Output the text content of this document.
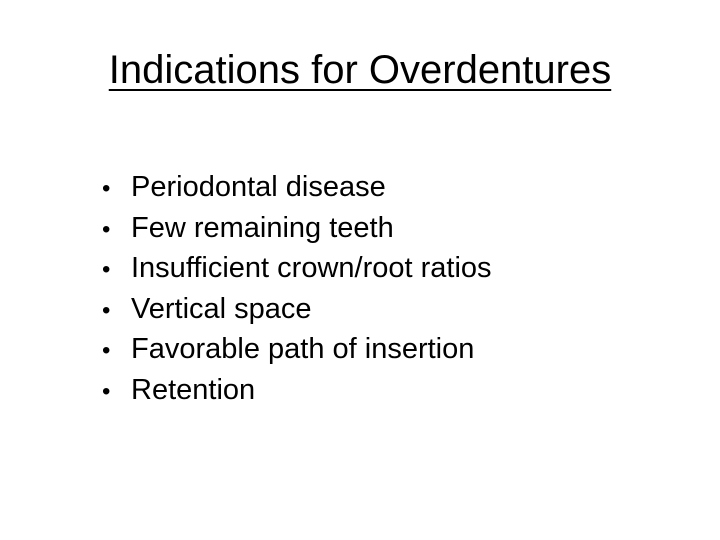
Indications for Overdentures
• Periodontal disease
• Few remaining teeth
• Insufficient crown/root ratios
• Vertical space
• Favorable path of insertion
• Retention
